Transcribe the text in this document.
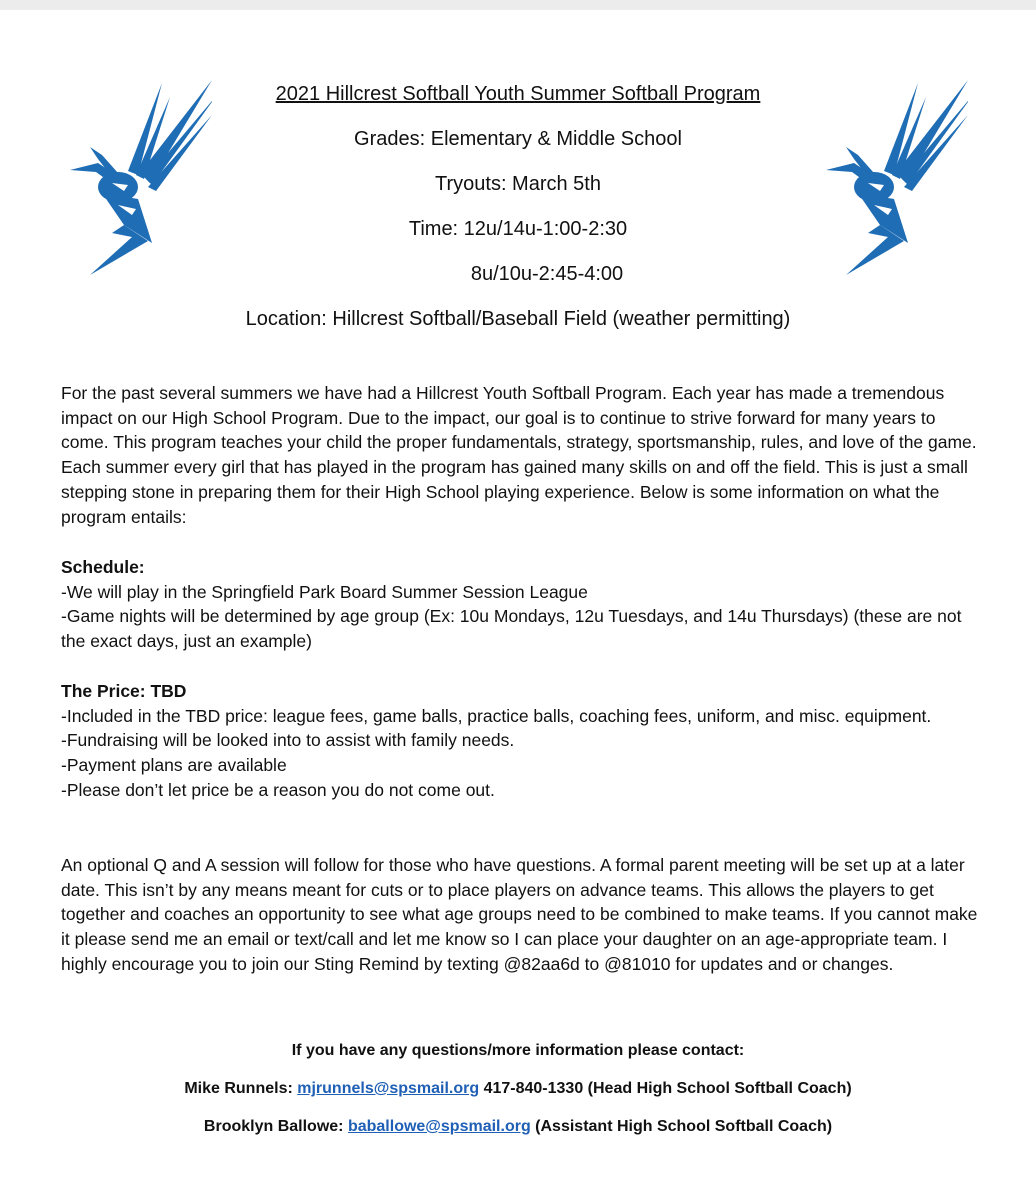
2021 Hillcrest Softball Youth Summer Softball Program
Grades: Elementary & Middle School
Tryouts: March 5th
Time: 12u/14u-1:00-2:30
8u/10u-2:45-4:00
Location: Hillcrest Softball/Baseball Field (weather permitting)

For the past several summers we have had a Hillcrest Youth Softball Program. Each year has made a tremendous impact on our High School Program. Due to the impact, our goal is to continue to strive forward for many years to come. This program teaches your child the proper fundamentals, strategy, sportsmanship, rules, and love of the game. Each summer every girl that has played in the program has gained many skills on and off the field. This is just a small stepping stone in preparing them for their High School playing experience. Below is some information on what the program entails:

Schedule:
-We will play in the Springfield Park Board Summer Session League
-Game nights will be determined by age group (Ex: 10u Mondays, 12u Tuesdays, and 14u Thursdays) (these are not the exact days, just an example)
The Price: TBD
-Included in the TBD price: league fees, game balls, practice balls, coaching fees, uniform, and misc. equipment.
-Fundraising will be looked into to assist with family needs.
-Payment plans are available
-Please don’t let price be a reason you do not come out.

An optional Q and A session will follow for those who have questions. A formal parent meeting will be set up at a later date. This isn’t by any means meant for cuts or to place players on advance teams. This allows the players to get together and coaches an opportunity to see what age groups need to be combined to make teams. If you cannot make it please send me an email or text/call and let me know so I can place your daughter on an age-appropriate team. I highly encourage you to join our Sting Remind by texting @82aa6d to @81010 for updates and or changes.

If you have any questions/more information please contact:
Mike Runnels: mjrunnels@spsmail.org 417-840-1330 (Head High School Softball Coach)
Brooklyn Ballowe: baballowe@spsmail.org (Assistant High School Softball Coach)
